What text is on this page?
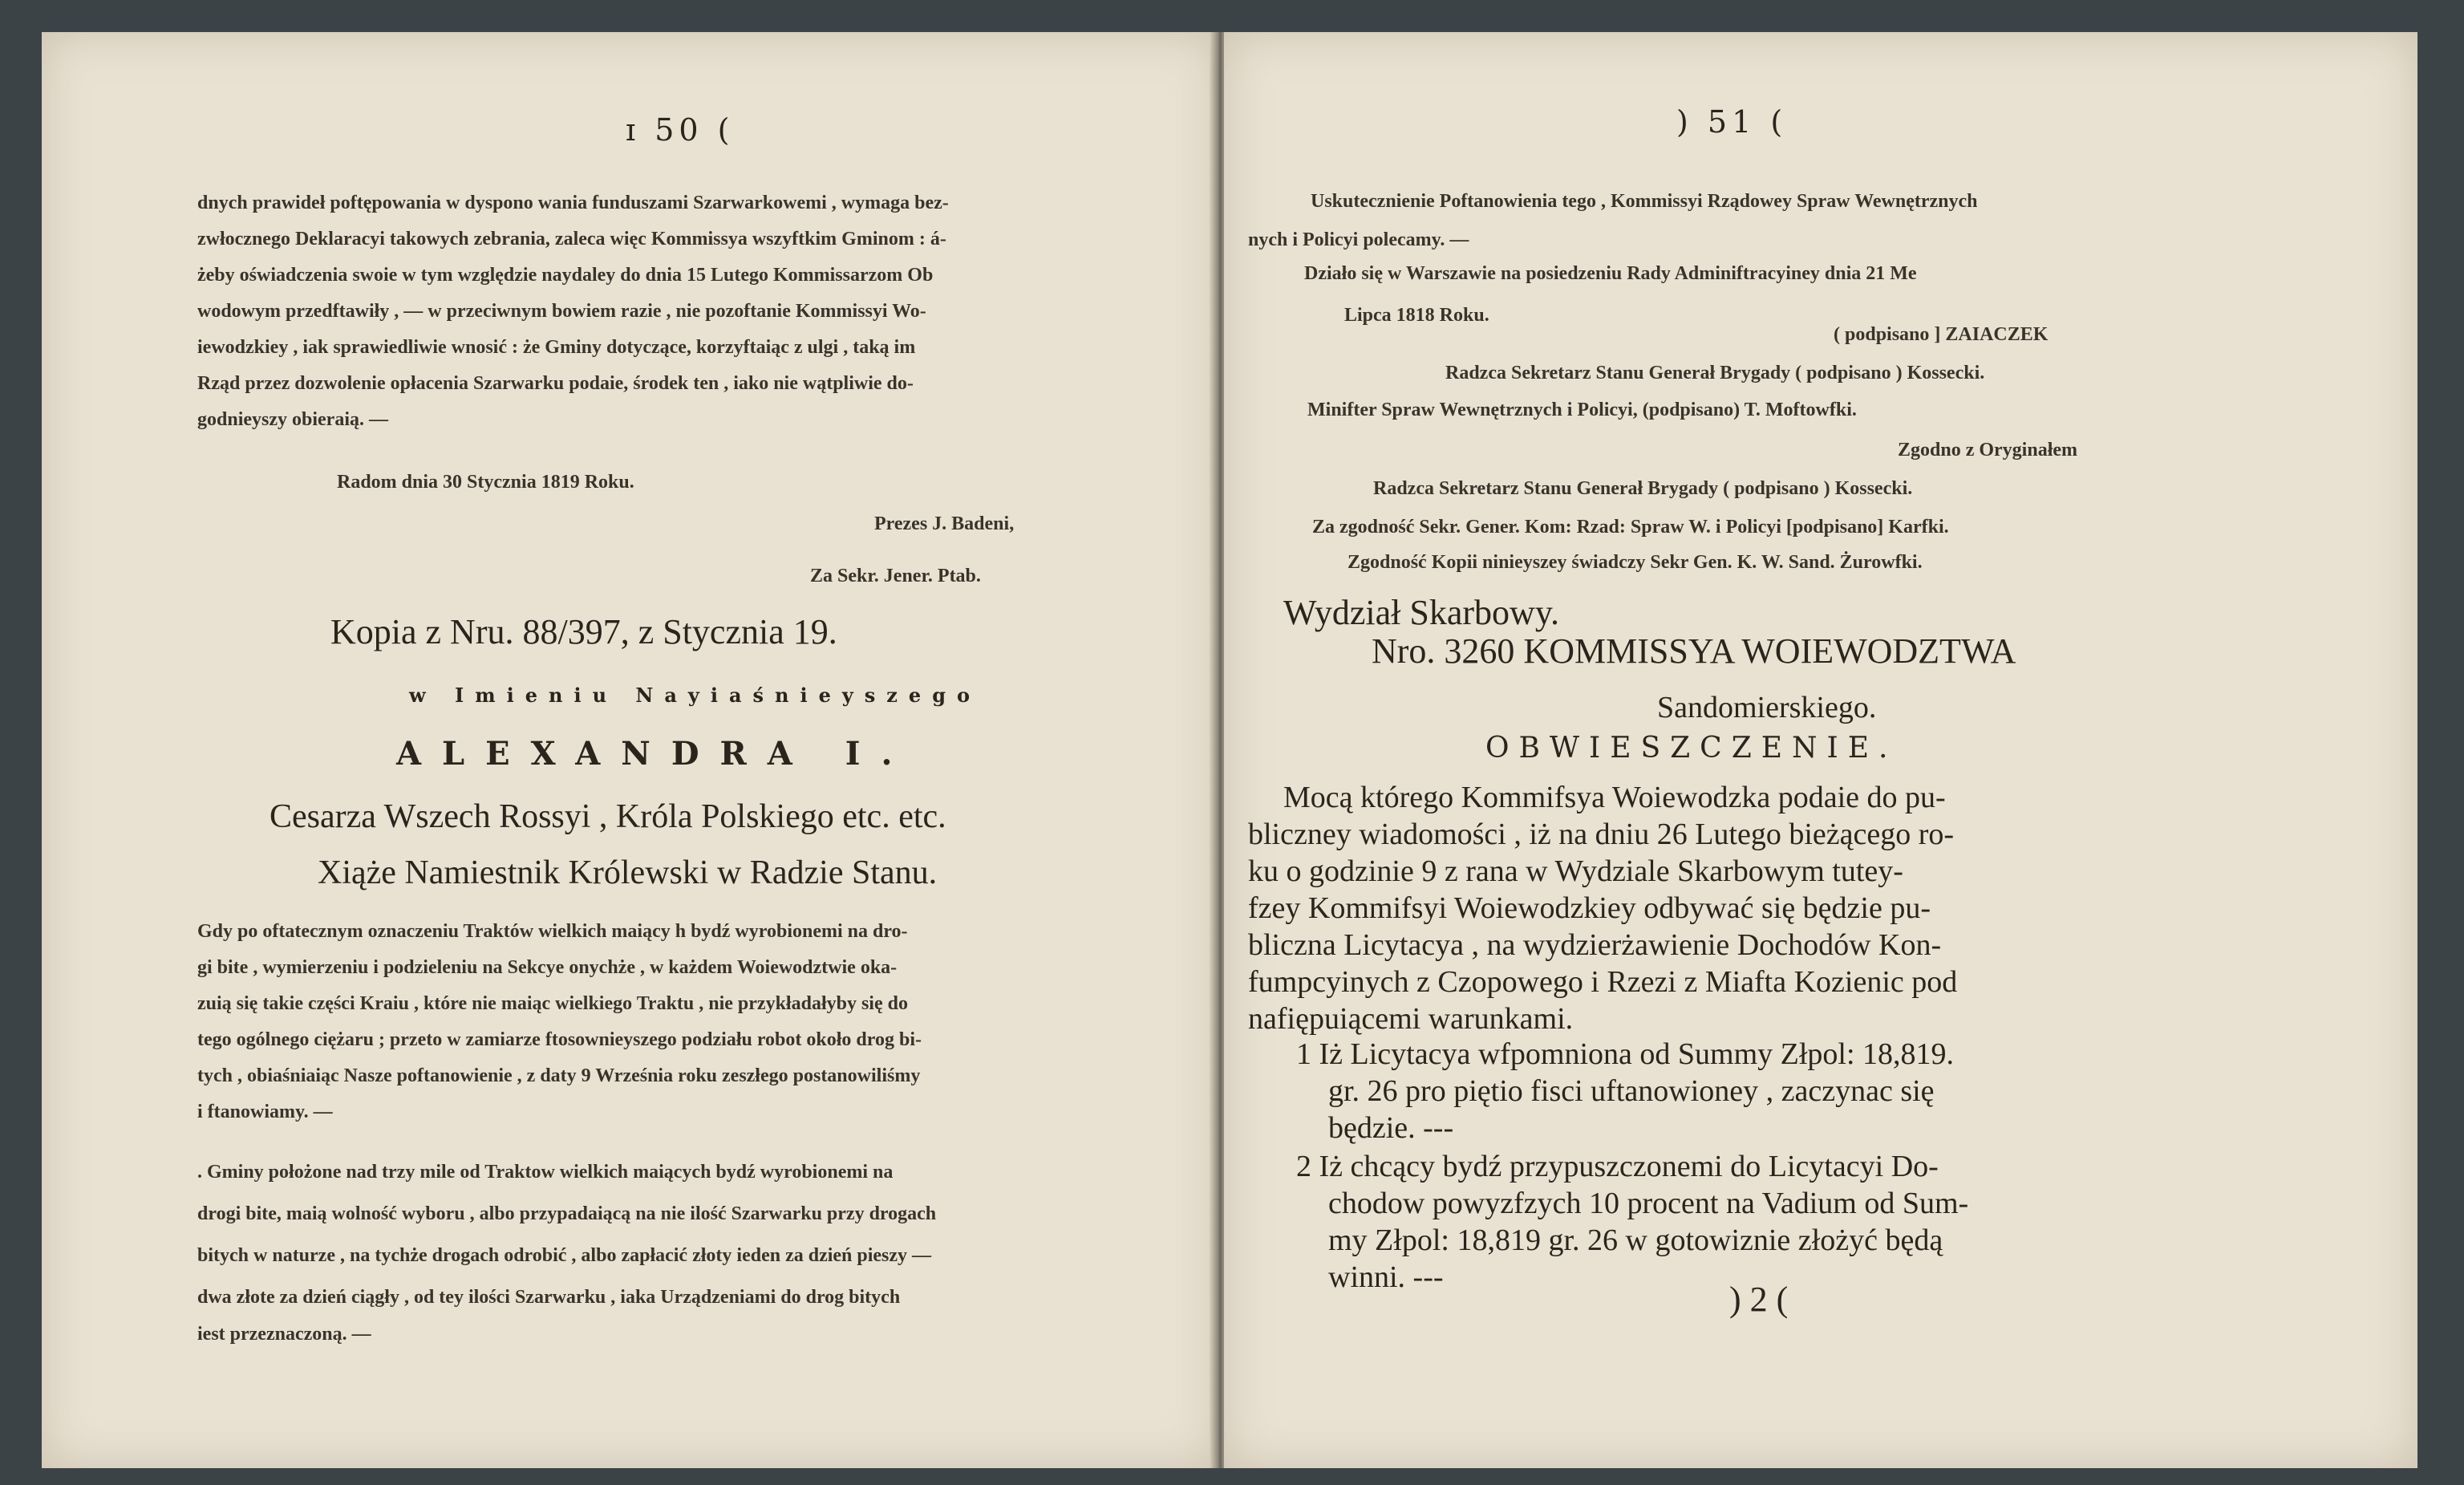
ɪ 50 (
dnych prawideł poftępowania w dyspono wania funduszami Szarwarkowemi , wymaga bez-
zwłocznego Deklaracyi takowych zebrania, zaleca więc Kommissya wszyftkim Gminom : á-
żeby oświadczenia swoie w tym względzie naydaley do dnia 15 Lutego Kommissarzom Ob
wodowym przedftawiły , — w przeciwnym bowiem razie , nie pozoftanie Kommissyi Wo-
iewodzkiey , iak sprawiedliwie wnosić : że Gminy dotyczące, korzyftaiąc z ulgi , taką im
Rząd przez dozwolenie opłacenia Szarwarku podaie, środek ten , iako nie wątpliwie do-
godnieyszy obieraią. —
Radom dnia 30 Stycznia 1819 Roku.
Prezes J. Badeni,
Za Sekr. Jener. Ptab.
Kopia z Nru. 88/397, z Stycznia 19.
w Imieniu Nayiaśnieyszego
ALEXANDRA I.
Cesarza Wszech Rossyi , Króla Polskiego etc. etc.
Xiąże Namiestnik Królewski w Radzie Stanu.
Gdy po oftatecznym oznaczeniu Traktów wielkich maiący h bydź wyrobionemi na dro-
gi bite , wymierzeniu i podzieleniu na Sekcye onychże , w każdem Woiewodztwie oka-
zuią się takie części Kraiu , które nie maiąc wielkiego Traktu , nie przykładałyby się do
tego ogólnego ciężaru ; przeto w zamiarze ftosownieyszego podziału robot około drog bi-
tych , obiaśniaiąc Nasze poftanowienie , z daty 9 Września roku zeszłego postanowiliśmy
i ftanowiamy. —
. Gminy położone nad trzy mile od Traktow wielkich maiących bydź wyrobionemi na
drogi bite, maią wolność wyboru , albo przypadaiącą na nie ilość Szarwarku przy drogach
bitych w naturze , na tychże drogach odrobić , albo zapłacić złoty ieden za dzień pieszy —
dwa złote za dzień ciągły , od tey ilości Szarwarku , iaka Urządzeniami do drog bitych
iest przeznaczoną. —
) 51 (
Uskutecznienie Poftanowienia tego , Kommissyi Rządowey Spraw Wewnętrznych
nych i Policyi polecamy. —
Działo się w Warszawie na posiedzeniu Rady Adminiftracyiney dnia 21 Me
Lipca 1818 Roku.
( podpisano ] ZAIACZEK
Radzca Sekretarz Stanu Generał Brygady ( podpisano ) Kossecki.
Minifter Spraw Wewnętrznych i Policyi, (podpisano) T. Moftowfki.
Zgodno z Oryginałem
Radzca Sekretarz Stanu Generał Brygady ( podpisano ) Kossecki.
Za zgodność Sekr. Gener. Kom: Rzad: Spraw W. i Policyi [podpisano] Karfki.
Zgodność Kopii ninieyszey świadczy Sekr Gen. K. W. Sand. Żurowfki.
Wydział Skarbowy.
Nro. 3260 KOMMISSYA WOIEWODZTWA
Sandomierskiego.
OBWIESZCZENIE.
Mocą którego Kommifsya Woiewodzka podaie do pu-
bliczney wiadomości , iż na dniu 26 Lutego bieżącego ro-
ku o godzinie 9 z rana w Wydziale Skarbowym tutey-
fzey Kommifsyi Woiewodzkiey odbywać się będzie pu-
bliczna Licytacya , na wydzierżawienie Dochodów Kon-
fumpcyinych z Czopowego i Rzezi z Miafta Kozienic pod
nafiępuiącemi warunkami.
1 Iż Licytacya wfpomniona od Summy Złpol: 18,819.
gr. 26 pro piętio fisci uftanowioney , zaczynac się
będzie. ---
2 Iż chcący bydź przypuszczonemi do Licytacyi Do-
chodow powyzfzych 10 procent na Vadium od Sum-
my Złpol: 18,819 gr. 26 w gotowiznie złożyć będą
winni. ---
) 2 (
